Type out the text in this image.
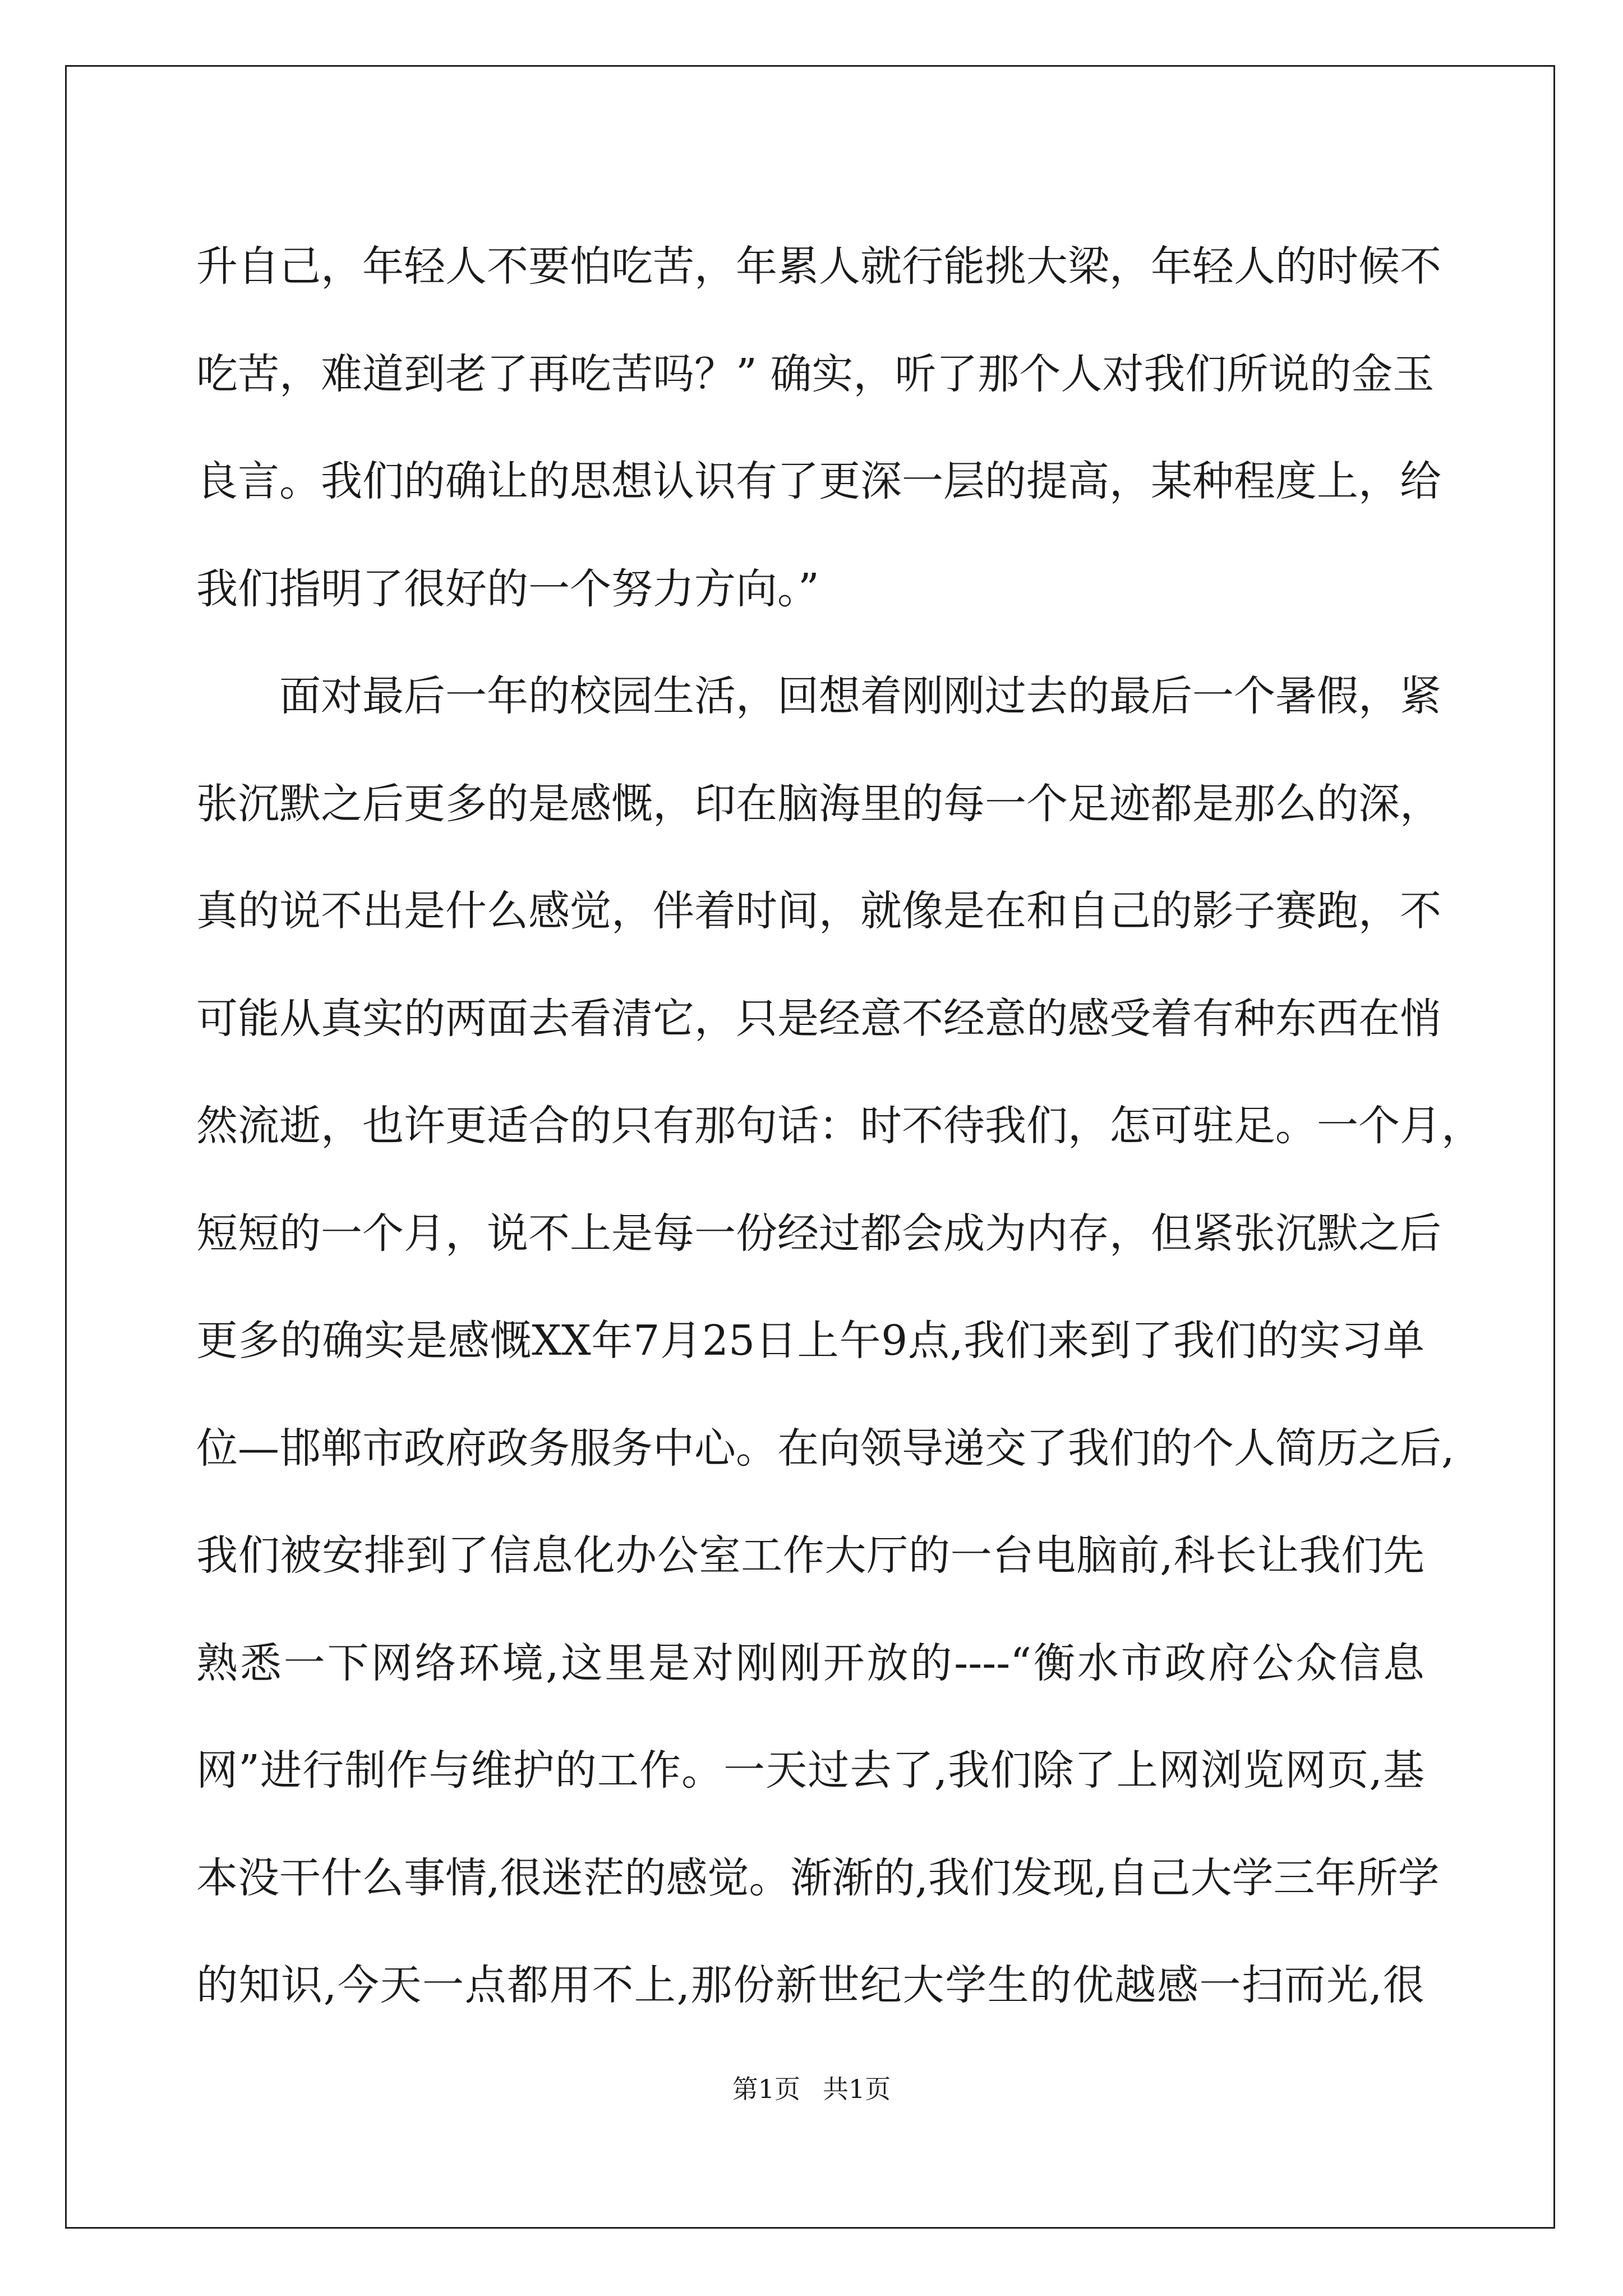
升自己，年轻人不要怕吃苦，年累人就行能挑大梁，年轻人的时候不
吃苦，难道到老了再吃苦吗？” 确实，听了那个人对我们所说的金玉
良言。我们的确让的思想认识有了更深一层的提高，某种程度上，给
我们指明了很好的一个努力方向。”
面对最后一年的校园生活，回想着刚刚过去的最后一个暑假，紧
张沉默之后更多的是感慨，印在脑海里的每一个足迹都是那么的深，
真的说不出是什么感觉，伴着时间，就像是在和自己的影子赛跑，不
可能从真实的两面去看清它，只是经意不经意的感受着有种东西在悄
然流逝，也许更适合的只有那句话：时不待我们，怎可驻足。一个月，
短短的一个月，说不上是每一份经过都会成为内存，但紧张沉默之后
更多的确实是感慨XX年7月25日上午9点,我们来到了我们的实习单
位—邯郸市政府政务服务中心。在向领导递交了我们的个人简历之后,
我们被安排到了信息化办公室工作大厅的一台电脑前,科长让我们先
熟悉一下网络环境,这里是对刚刚开放的----“衡水市政府公众信息
网”进行制作与维护的工作。一天过去了,我们除了上网浏览网页,基
本没干什么事情,很迷茫的感觉。渐渐的,我们发现,自己大学三年所学
的知识,今天一点都用不上,那份新世纪大学生的优越感一扫而光,很
第1页 共1页
